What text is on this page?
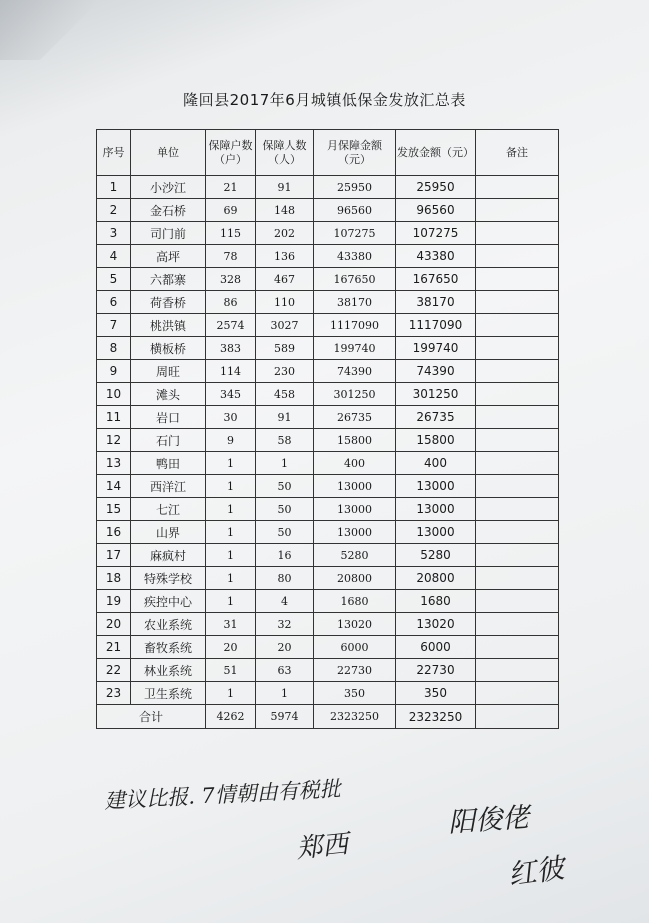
隆回县2017年6月城镇低保金发放汇总表
序号	单位	保障户数（户）	保障人数（人）	月保障金额（元）	发放金额（元）	备注
1	小沙江	21	91	25950	25950	
2	金石桥	69	148	96560	96560	
3	司门前	115	202	107275	107275	
4	高坪	78	136	43380	43380	
5	六都寨	328	467	167650	167650	
6	荷香桥	86	110	38170	38170	
7	桃洪镇	2574	3027	1117090	1117090	
8	横板桥	383	589	199740	199740	
9	周旺	114	230	74390	74390	
10	滩头	345	458	301250	301250	
11	岩口	30	91	26735	26735	
12	石门	9	58	15800	15800	
13	鸭田	1	1	400	400	
14	西洋江	1	50	13000	13000	
15	七江	1	50	13000	13000	
16	山界	1	50	13000	13000	
17	麻疯村	1	16	5280	5280	
18	特殊学校	1	80	20800	20800	
19	疾控中心	1	4	1680	1680	
20	农业系统	31	32	13020	13020	
21	畜牧系统	20	20	6000	6000	
22	林业系统	51	63	22730	22730	
23	卫生系统	1	1	350	350	
合计		4262	5974	2323250	2323250	
建议比报. 7情朝由有税批
郑西
阳俊佬
红彼
